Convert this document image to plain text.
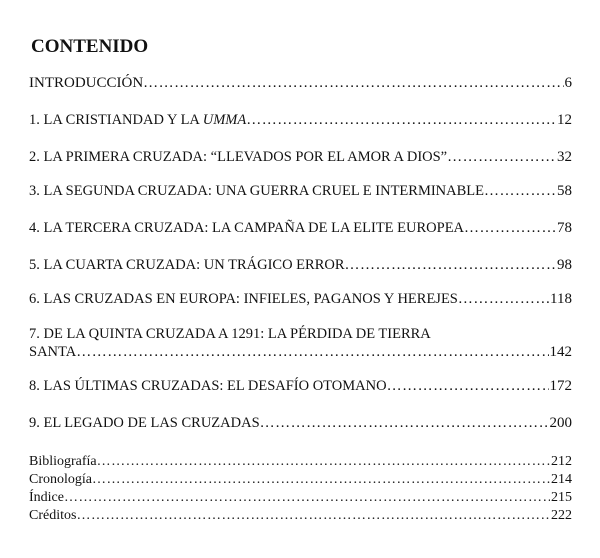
CONTENIDO
INTRODUCCIÓN ……………………………………………………………………………………………………………………………………………………………………………………………………	6
1. LA CRISTIANDAD Y LA UMMA ……………………………………………………………………………………………………………………………………………………………………………………………………	12
2. LA PRIMERA CRUZADA: “LLEVADOS POR EL AMOR A DIOS” ……………………………………………………………………………………………………………………………………………………………………………………………………	32
3. LA SEGUNDA CRUZADA: UNA GUERRA CRUEL E INTERMINABLE ……………………………………………………………………………………………………………………………………………………………………………………………………	58
4. LA TERCERA CRUZADA: LA CAMPAÑA DE LA ELITE EUROPEA ……………………………………………………………………………………………………………………………………………………………………………………………………	78
5. LA CUARTA CRUZADA: UN TRÁGICO ERROR ……………………………………………………………………………………………………………………………………………………………………………………………………	98
6. LAS CRUZADAS EN EUROPA: INFIELES, PAGANOS Y HEREJES ……………………………………………………………………………………………………………………………………………………………………………………………………	118
7. DE LA QUINTA CRUZADA A 1291: LA PÉRDIDA DE TIERRA
SANTA ……………………………………………………………………………………………………………………………………………………………………………………………………	142
8. LAS ÚLTIMAS CRUZADAS: EL DESAFÍO OTOMANO ……………………………………………………………………………………………………………………………………………………………………………………………………	172
9. EL LEGADO DE LAS CRUZADAS ……………………………………………………………………………………………………………………………………………………………………………………………………	200
Bibliografía ……………………………………………………………………………………………………………………………………………………………………………………………………	212
Cronología ……………………………………………………………………………………………………………………………………………………………………………………………………	214
Índice ……………………………………………………………………………………………………………………………………………………………………………………………………	215
Créditos ……………………………………………………………………………………………………………………………………………………………………………………………………	222
